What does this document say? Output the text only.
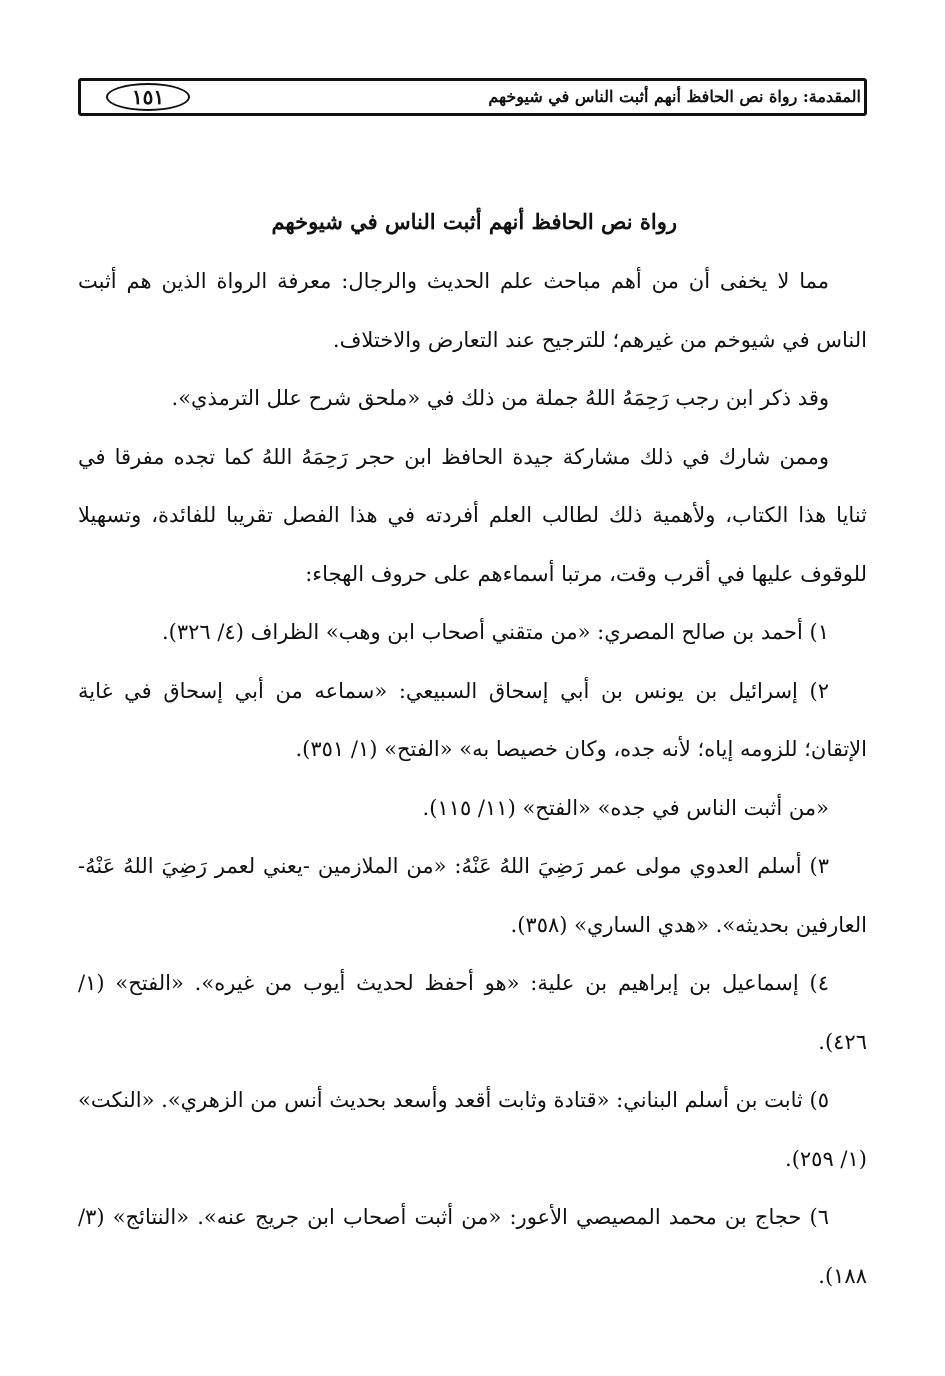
١٥١	المقدمة: رواة نص الحافظ أنهم أثبت الناس في شيوخهم
رواة نص الحافظ أنهم أثبت الناس في شيوخهم

مما لا يخفى أن من أهم مباحث علم الحديث والرجال: معرفة الرواة الذين هم أثبت الناس في شيوخم من غيرهم؛ للترجيح عند التعارض والاختلاف.

وقد ذكر ابن رجب رَحِمَهُ اللهُ جملة من ذلك في «ملحق شرح علل الترمذي».

وممن شارك في ذلك مشاركة جيدة الحافظ ابن حجر رَحِمَهُ اللهُ كما تجده مفرقا في ثنايا هذا الكتاب، ولأهمية ذلك لطالب العلم أفردته في هذا الفصل تقريبا للفائدة، وتسهيلا للوقوف عليها في أقرب وقت، مرتبا أسماءهم على حروف الهجاء:

١) أحمد بن صالح المصري: «من متقني أصحاب ابن وهب» الظراف (٤/ ٣٢٦).

٢) إسرائيل بن يونس بن أبي إسحاق السبيعي: «سماعه من أبي إسحاق في غاية الإتقان؛ للزومه إياه؛ لأنه جده، وكان خصيصا به» «الفتح» (١/ ٣٥١).

«من أثبت الناس في جده» «الفتح» (١١/ ١١٥).

٣) أسلم العدوي مولى عمر رَضِيَ اللهُ عَنْهُ: «من الملازمين -يعني لعمر رَضِيَ اللهُ عَنْهُ- العارفين بحديثه». «هدي الساري» (٣٥٨).

٤) إسماعيل بن إبراهيم بن علية: «هو أحفظ لحديث أيوب من غيره». «الفتح» (١/ ٤٢٦).

٥) ثابت بن أسلم البناني: «قتادة وثابت أقعد وأسعد بحديث أنس من الزهري». «النكت» (١/ ٢٥٩).

٦) حجاج بن محمد المصيصي الأعور: «من أثبت أصحاب ابن جريج عنه». «النتائج» (٣/ ١٨٨).
